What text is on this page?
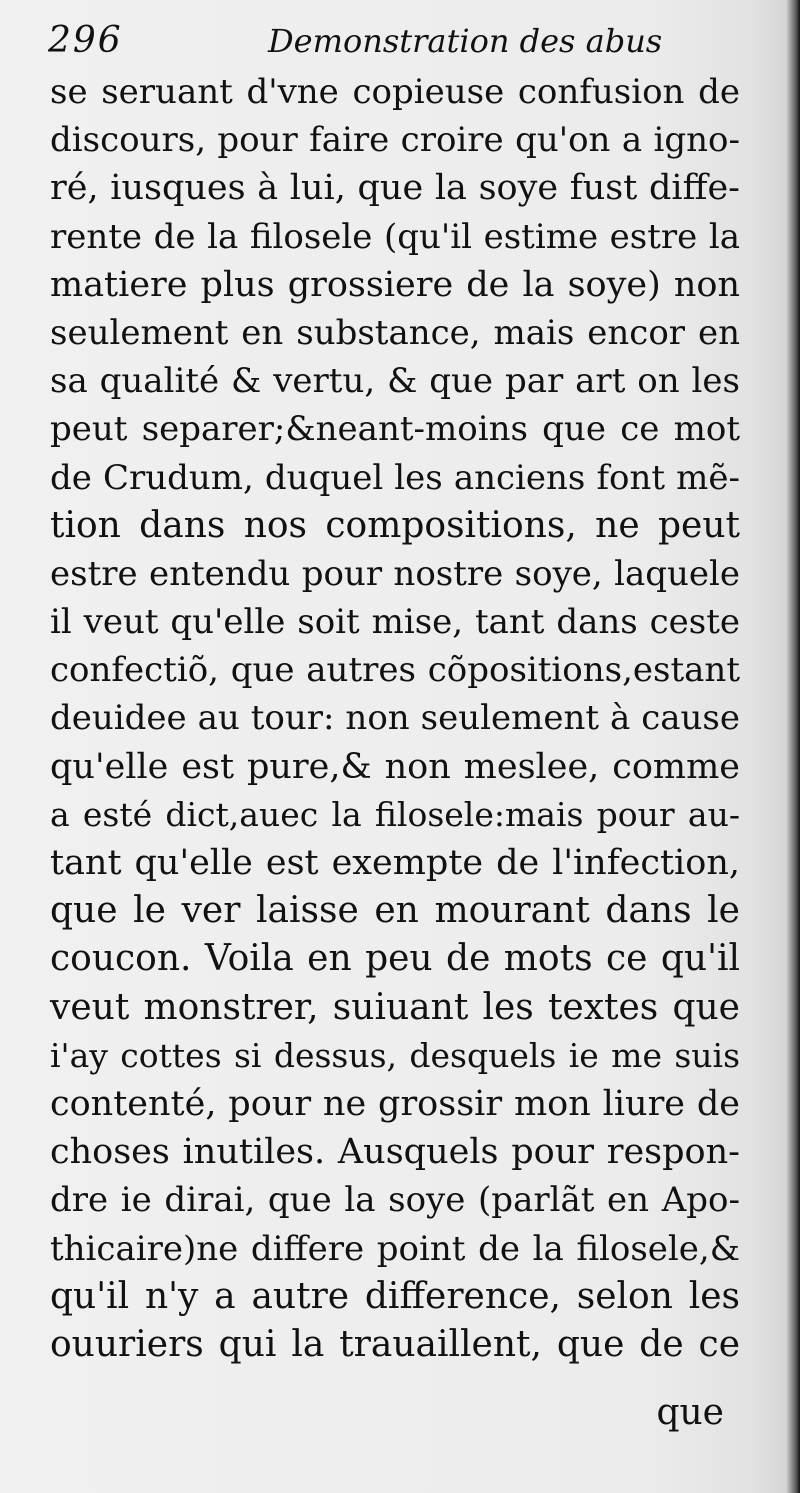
296	Demonstration des abus
se seruant d'vne copieuse confusion de
discours, pour faire croire qu'on a igno-
ré, iusques à lui, que la soye fust diffe-
rente de la filosele (qu'il estime estre la
matiere plus grossiere de la soye) non
seulement en substance, mais encor en
sa qualité & vertu, & que par art on les
peut separer;&neant-moins que ce mot
de Crudum, duquel les anciens font mẽ-
tion dans nos compositions, ne peut
estre entendu pour nostre soye, laquele
il veut qu'elle soit mise, tant dans ceste
confectiõ, que autres cõpositions,estant
deuidee au tour: non seulement à cause
qu'elle est pure,& non meslee, comme
a esté dict,auec la filosele:mais pour au-
tant qu'elle est exempte de l'infection,
que le ver laisse en mourant dans le
coucon. Voila en peu de mots ce qu'il
veut monstrer, suiuant les textes que
i'ay cottes si dessus, desquels ie me suis
contenté, pour ne grossir mon liure de
choses inutiles. Ausquels pour respon-
dre ie dirai, que la soye (parlãt en Apo-
thicaire)ne differe point de la filosele,&
qu'il n'y a autre difference, selon les
ouuriers qui la trauaillent, que de ce
que
